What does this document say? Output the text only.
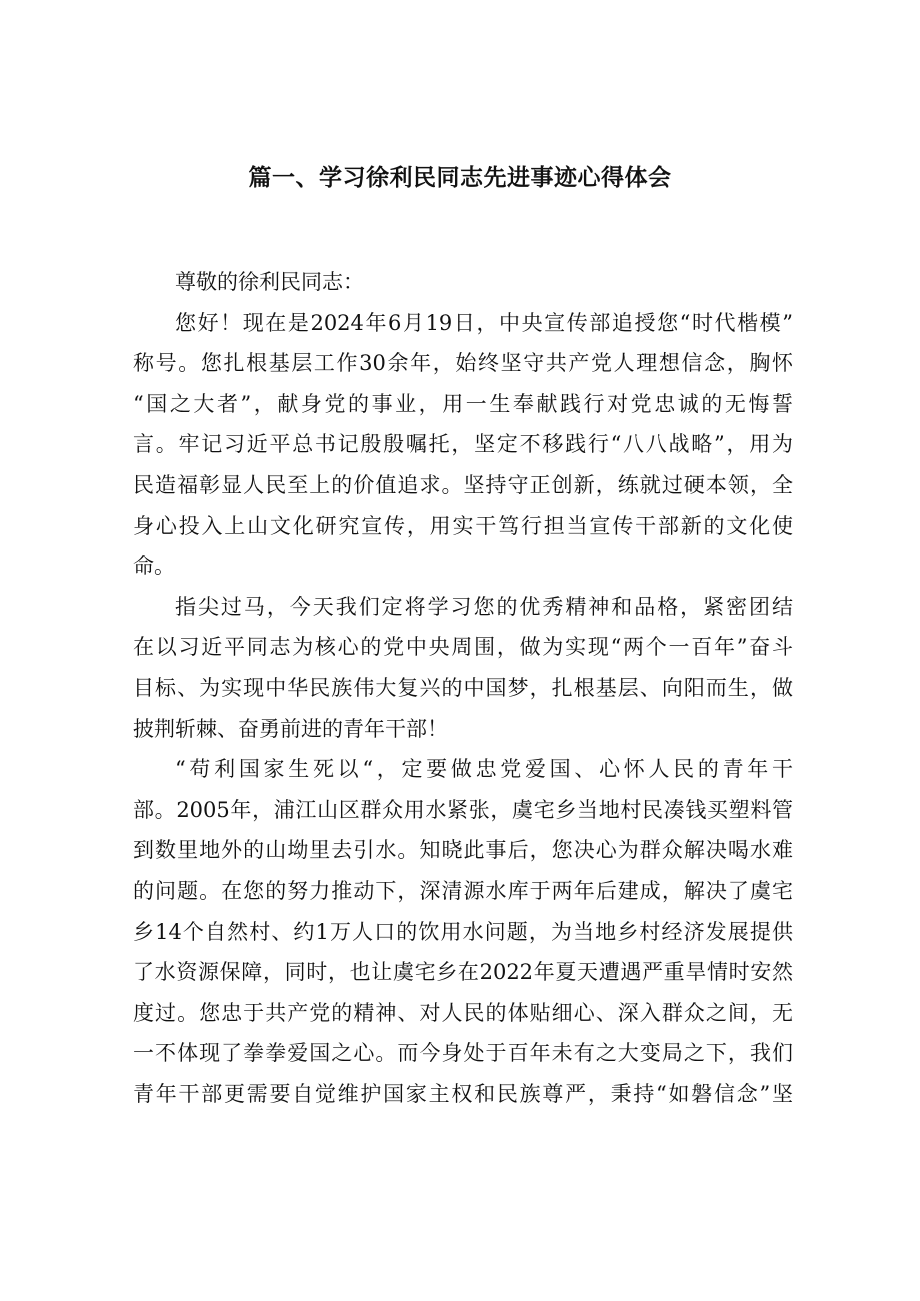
篇一、学习徐利民同志先进事迹心得体会
尊敬的徐利民同志：
您好！现在是2024年6月19日，中央宣传部追授您“时代楷模”
称号。您扎根基层工作30余年，始终坚守共产党人理想信念，胸怀
“国之大者”，献身党的事业，用一生奉献践行对党忠诚的无悔誓
言。牢记习近平总书记殷殷嘱托，坚定不移践行“八八战略”，用为
民造福彰显人民至上的价值追求。坚持守正创新，练就过硬本领，全
身心投入上山文化研究宣传，用实干笃行担当宣传干部新的文化使
命。
指尖过马，今天我们定将学习您的优秀精神和品格，紧密团结
在以习近平同志为核心的党中央周围，做为实现“两个一百年”奋斗
目标、为实现中华民族伟大复兴的中国梦，扎根基层、向阳而生，做
披荆斩棘、奋勇前进的青年干部！
“苟利国家生死以“，定要做忠党爱国、心怀人民的青年干
部。2005年，浦江山区群众用水紧张，虞宅乡当地村民凑钱买塑料管
到数里地外的山坳里去引水。知晓此事后，您决心为群众解决喝水难
的问题。在您的努力推动下，深清源水库于两年后建成，解决了虞宅
乡14个自然村、约1万人口的饮用水问题，为当地乡村经济发展提供
了水资源保障，同时，也让虞宅乡在2022年夏天遭遇严重旱情时安然
度过。您忠于共产党的精神、对人民的体贴细心、深入群众之间，无
一不体现了拳拳爱国之心。而今身处于百年未有之大变局之下，我们
青年干部更需要自觉维护国家主权和民族尊严，秉持“如磐信念”坚
